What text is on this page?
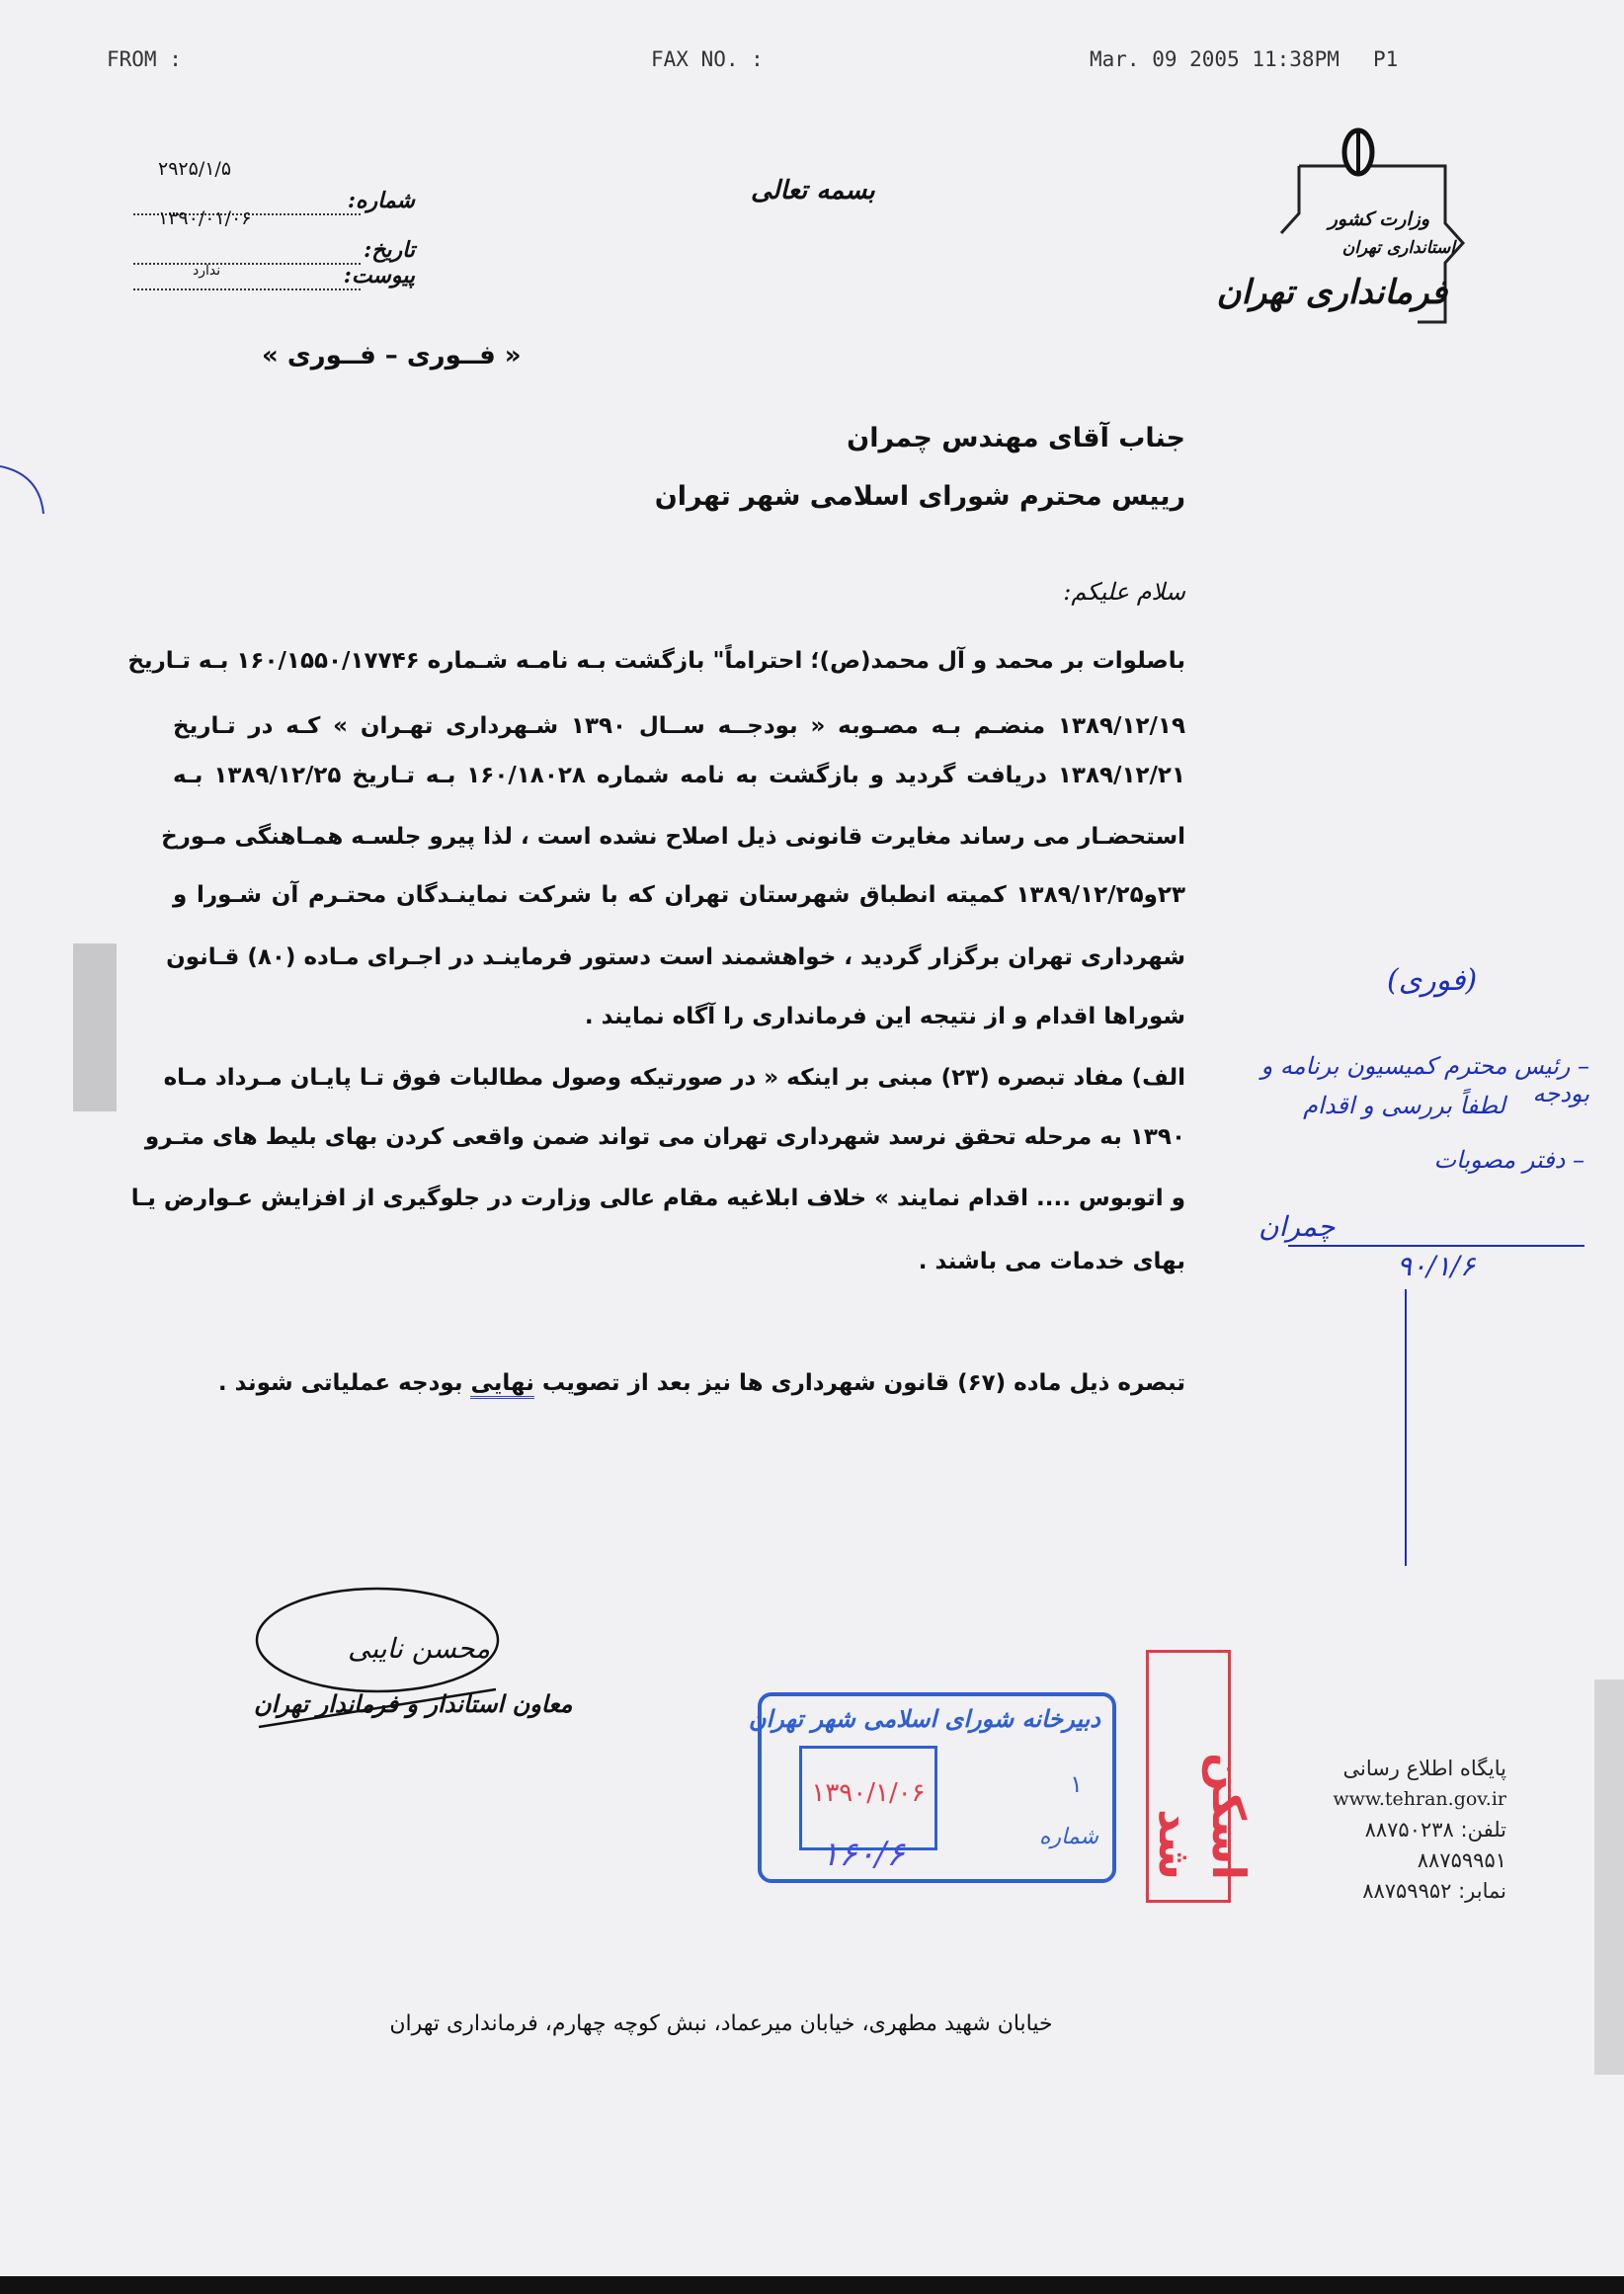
FROM :	FAX NO. :	Mar. 09 2005 11:38PM P1
شماره:
۲۹۲۵/۱/۵
تاریخ:
۱۳۹۰/۰۱/۰۶
پیوست:
ندارد
بسمه تعالی
وزارت کشور
استانداری تهران
فرمانداری تهران
« فــوری – فــوری »
جناب آقای مهندس چمران
رییس محترم شورای اسلامی شهر تهران
سلام علیکم:
باصلوات بر محمد و آل محمد(ص)؛ احتراماً" بازگشت بـه نامـه شـماره ۱۶۰/۱۵۵۰/۱۷۷۴۶ بـه تـاریخ
۱۳۸۹/۱۲/۱۹ منضـم بـه مصـوبه « بودجــه ســال ۱۳۹۰ شـهرداری تهـران » کـه در تـاریخ
۱۳۸۹/۱۲/۲۱ دریافت گردید و بازگشت به نامه شماره ۱۶۰/۱۸۰۲۸ بـه تـاریخ ۱۳۸۹/۱۲/۲۵ بـه
استحضـار می رساند مغایرت قانونی ذیل اصلاح نشده است ، لذا پیرو جلسـه همـاهنگی مـورخ
۲۳و۱۳۸۹/۱۲/۲۵ کمیته انطباق شهرستان تهران که با شرکت نماینـدگان محتـرم آن شـورا و
شهرداری تهران برگزار گردید ، خواهشمند است دستور فرماینـد در اجـرای مـاده (۸۰) قـانون
شوراها اقدام و از نتیجه این فرمانداری را آگاه نمایند .
الف) مفاد تبصره (۲۳) مبنی بر اینکه « در صورتیکه وصول مطالبات فوق تـا پایـان مـرداد مـاه
۱۳۹۰ به مرحله تحقق نرسد شهرداری تهران می تواند ضمن واقعی کردن بهای بلیط های متـرو
و اتوبوس .... اقدام نمایند » خلاف ابلاغیه مقام عالی وزارت در جلوگیری از افزایش عـوارض یـا
بهای خدمات می باشند .
تبصره ذیل ماده (۶۷) قانون شهرداری ها نیز بعد از تصویب نهایی بودجه عملیاتی شوند .
(فوری)
– رئیس محترم کمیسیون برنامه و بودجه
لطفاً بررسی و اقدام
– دفتر مصوبات
چمران
۹۰/۱/۶
محسن نایبی
معاون استاندار و فرماندار تهران
دبیرخانه شورای اسلامی شهر تهران
۱۳۹۰/۱/۰۶	۱
شماره
۱۶۰/۶	اسکن شد
پایگاه اطلاع رسانی
www.tehran.gov.ir
تلفن: ۸۸۷۵۰۲۳۸
۸۸۷۵۹۹۵۱
نمابر: ۸۸۷۵۹۹۵۲
خیابان شهید مطهری، خیابان میرعماد، نبش کوچه چهارم، فرمانداری تهران
